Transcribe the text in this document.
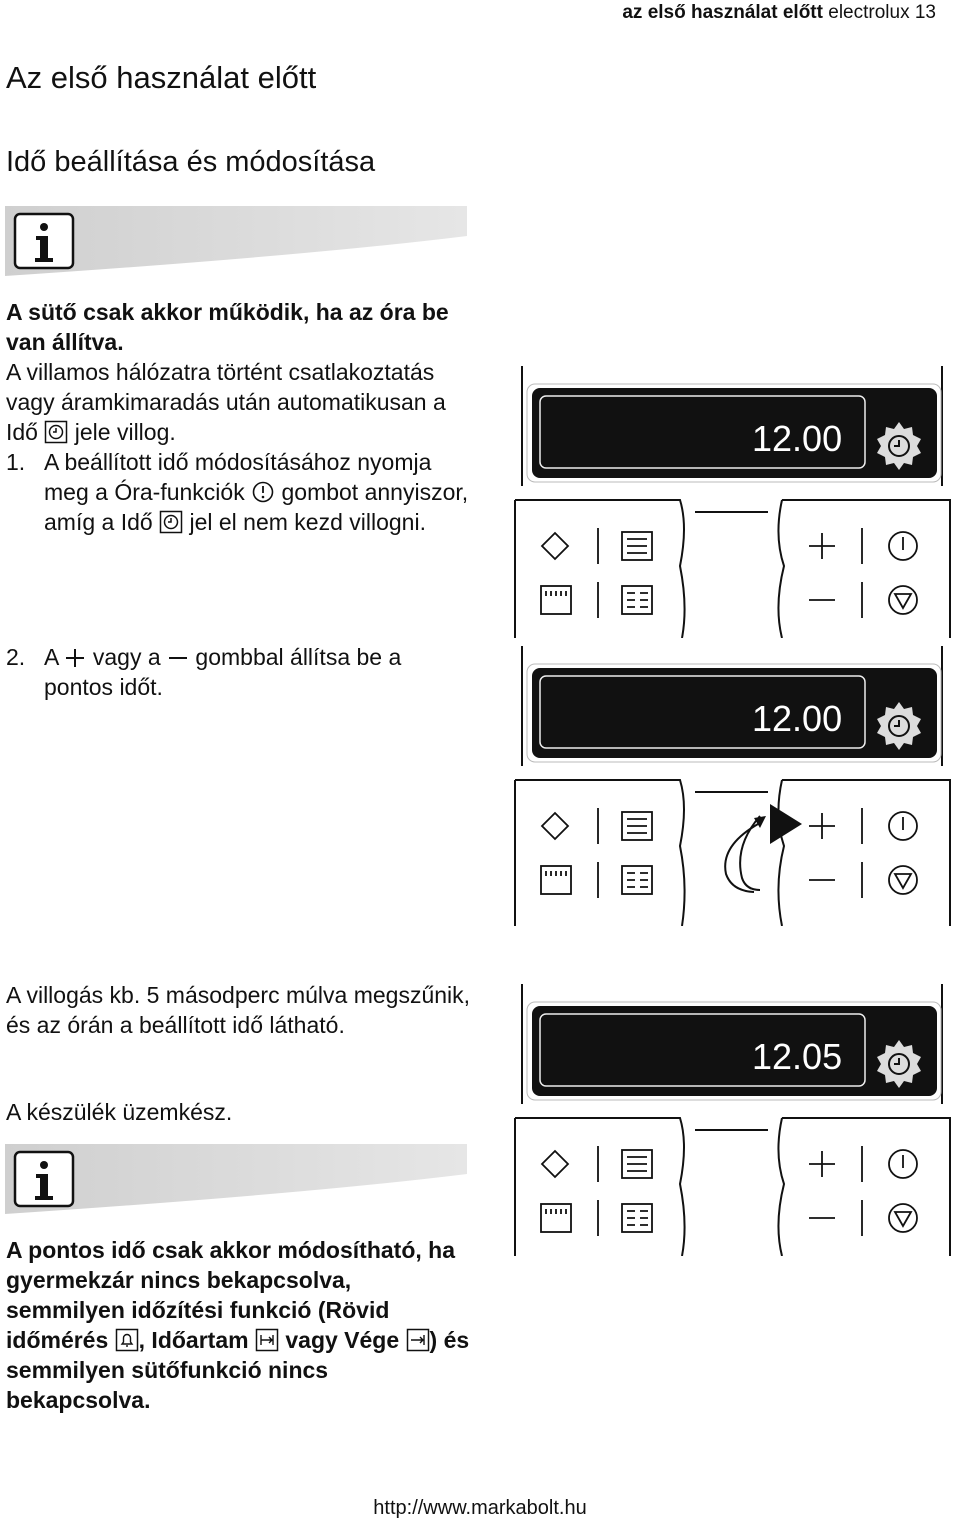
az első használat előtt electrolux 13
Az első használat előtt
Idő beállítása és módosítása
A sütő csak akkor működik, ha az óra be van állítva.
A villamos hálózatra történt csatlakoztatás vagy áramkimaradás után automatikusan a Idő jele villog.
1. A beállított idő módosításához nyomja meg a Óra-funkciók gombot annyiszor, amíg a Idő jel el nem kezd villogni.
2. A vagy a gombbal állítsa be a pontos időt.
A villogás kb. 5 másodperc múlva megszűnik, és az órán a beállított idő látható.
A készülék üzemkész.
A pontos idő csak akkor módosítható, ha gyermekzár nincs bekapcsolva, semmilyen időzítési funkció (Rövid időmérés , Időartam vagy Vége ) és semmilyen sütőfunkció nincs bekapcsolva.
12.00
12.00
12.05
http://www.markabolt.hu
